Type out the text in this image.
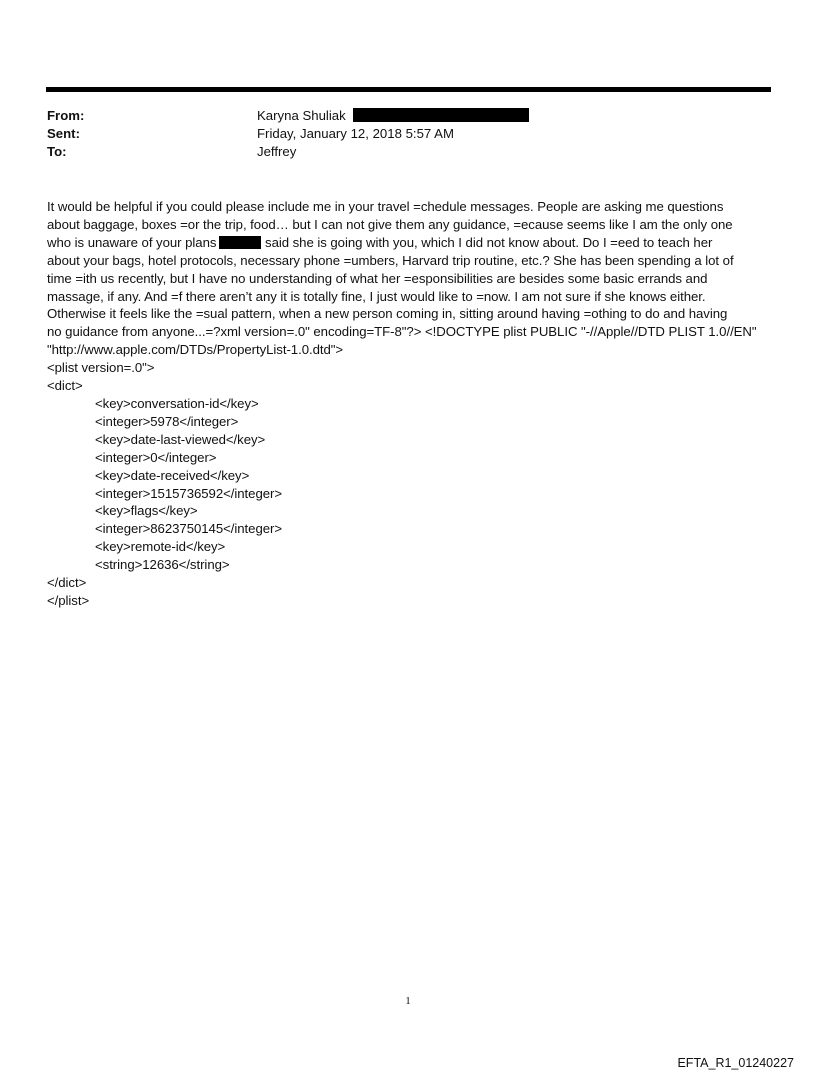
From:	Karyna Shuliak
Sent:	Friday, January 12, 2018 5:57 AM
To:	Jeffrey
It would be helpful if you could please include me in your travel =chedule messages. People are asking me questions
about baggage, boxes =or the trip, food… but I can not give them any guidance, =ecause seems like I am the only one
who is unaware of your plans	said she is going with you, which I did not know about. Do I =eed to teach her
about your bags, hotel protocols, necessary phone =umbers, Harvard trip routine, etc.? She has been spending a lot of
time =ith us recently, but I have no understanding of what her =esponsibilities are besides some basic errands and
massage, if any. And =f there aren’t any it is totally fine, I just would like to =now. I am not sure if she knows either.
Otherwise it feels like the =sual pattern, when a new person coming in, sitting around having =othing to do and having
no guidance from anyone...=?xml version=.0" encoding=TF-8"?> <!DOCTYPE plist PUBLIC "-//Apple//DTD PLIST 1.0//EN"
"http://www.apple.com/DTDs/PropertyList-1.0.dtd">
<plist version=.0">
<dict>
<key>conversation-id</key>
<integer>5978</integer>
<key>date-last-viewed</key>
<integer>0</integer>
<key>date-received</key>
<integer>1515736592</integer>
<key>flags</key>
<integer>8623750145</integer>
<key>remote-id</key>
<string>12636</string>
</dict>
</plist>
1
EFTA_R1_01240227
